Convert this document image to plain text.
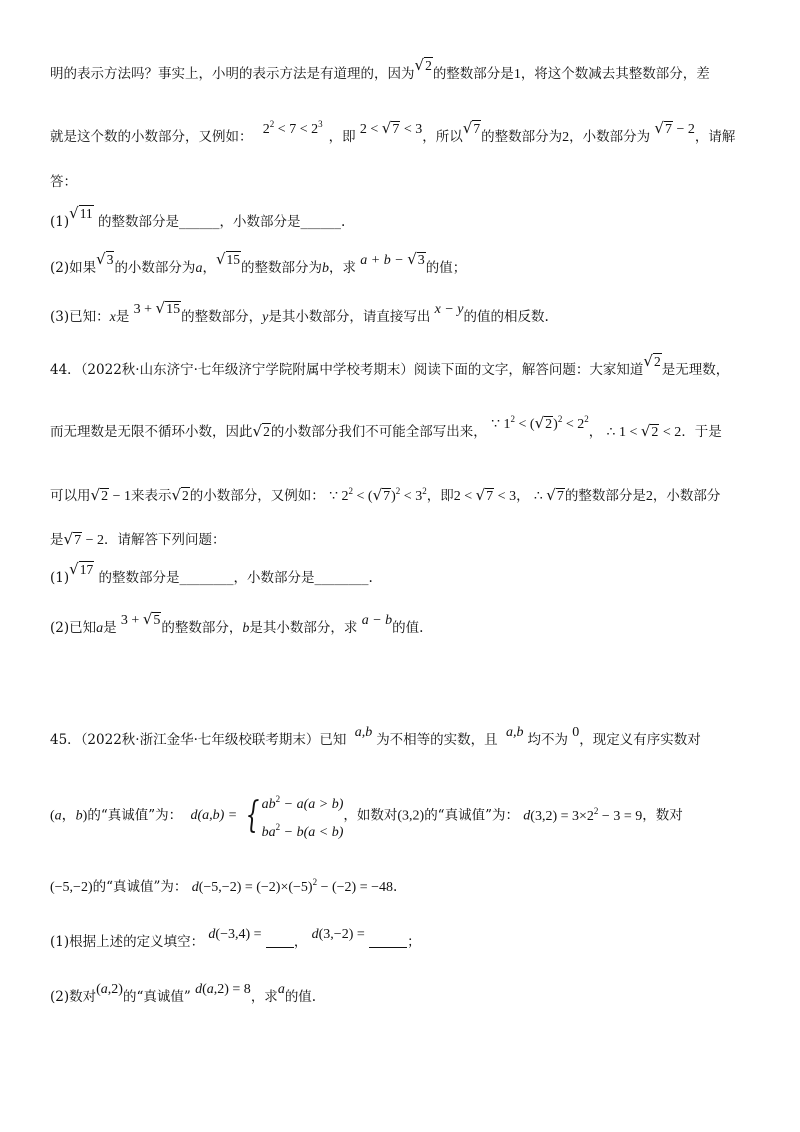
明的表示方法吗？事实上，小明的表示方法是有道理的，因为√2的整数部分是1，将这个数减去其整数部分，差
就是这个数的小数部分，又例如： $2^2 < 7 < 2^3$，即 2 < √7 < 3，所以√7的整数部分为2，小数部分为 √7 − 2，请解
答：
(1)√11 的整数部分是______，小数部分是______.
(2)如果√3的小数部分为a，√15的整数部分为b，求 a + b − √3的值；
(3)已知：x是 3 + √15的整数部分，y是其小数部分，请直接写出 x − y的值的相反数.
44．（2022秋·山东济宁·七年级济宁学院附属中学校考期末）阅读下面的文字，解答问题：大家知道√2是无理数，
而无理数是无限不循环小数，因此√2的小数部分我们不可能全部写出来， ∵ $1^2 < (√2)^2 < 2^2$， ∴ 1 < √2 < 2．于是
可以用√2 − 1来表示√2的小数部分，又例如： ∵ $2^2 < (√7)^2 < 3^2$，即2 < √7 < 3， ∴ √7的整数部分是2，小数部分
是√7 − 2．请解答下列问题：
(1)√17 的整数部分是________，小数部分是________.
(2)已知a是 3 + √5的整数部分，b是其小数部分，求 a − b的值.
45．（2022秋·浙江金华·七年级校联考期末）已知 a,b 为不相等的实数，且 a,b 均不为 0，现定义有序实数对
(a，b)的“真诚值”为： d(a,b) = { $ab^2 - a(a > b)$
$ba^2 - b(a < b)$，如数对(3,2)的“真诚值”为： $d(3,2) = 3\times 2^2 - 3 = 9$，数对
(−5,−2)的“真诚值”为： $d(-5,-2) = (-2)\times(-5)^2 - (-2) = -48$.
(1)根据上述的定义填空： d(−3,4) = ， d(3,−2) =	；
(2)数对(a,2)的“真诚值” d(a,2) = 8，求a的值.
